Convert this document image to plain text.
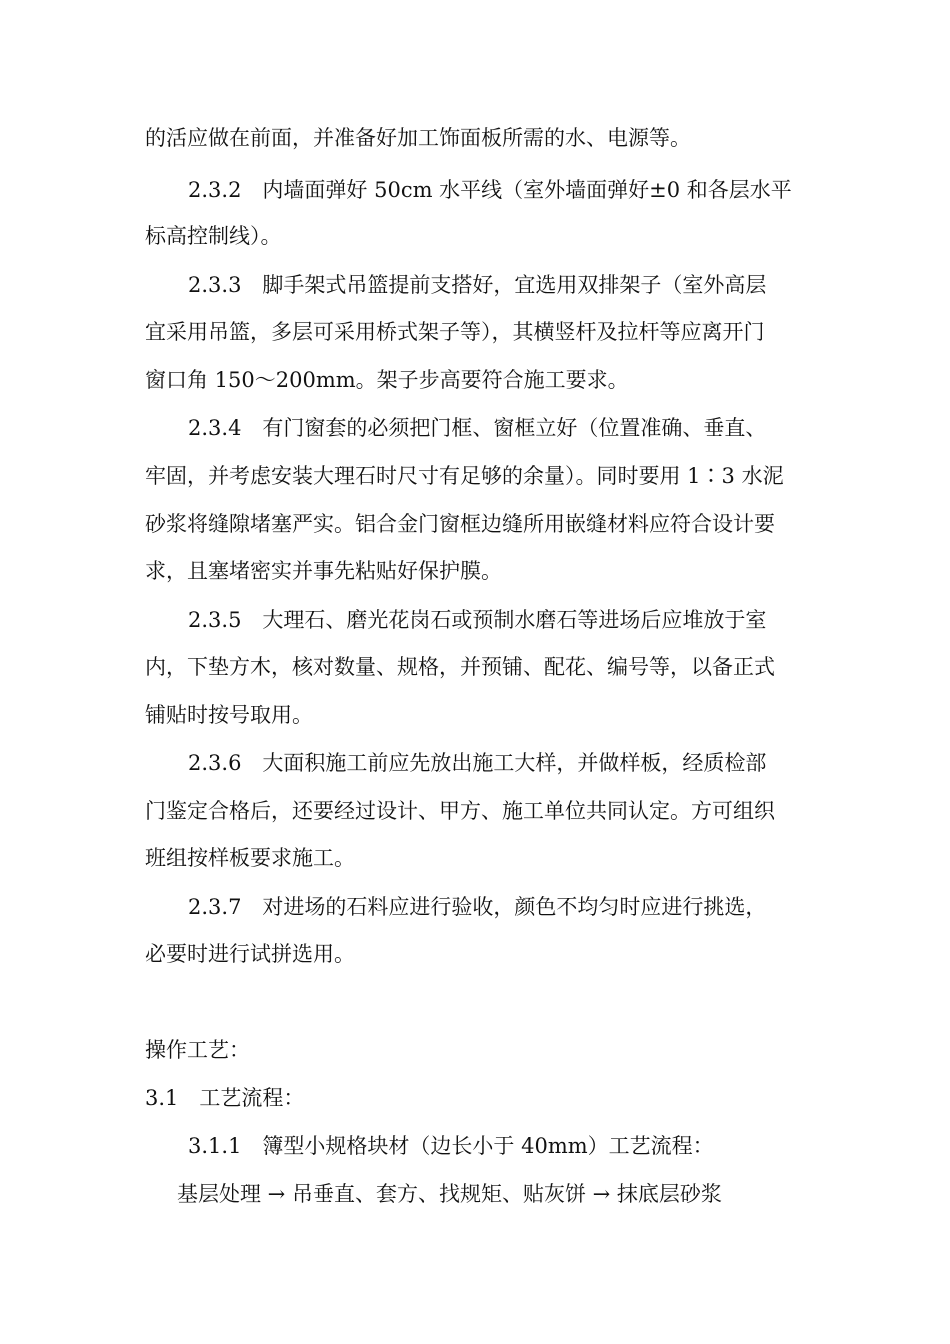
的活应做在前面，并准备好加工饰面板所需的水、电源等。

2.3.2　内墙面弹好 50cm 水平线（室外墙面弹好±0 和各层水平

标高控制线）。

2.3.3　脚手架式吊篮提前支搭好，宜选用双排架子（室外高层

宜采用吊篮，多层可采用桥式架子等），其横竖杆及拉杆等应离开门

窗口角 150～200mm。架子步高要符合施工要求。

2.3.4　有门窗套的必须把门框、窗框立好（位置准确、垂直、

牢固，并考虑安装大理石时尺寸有足够的余量）。同时要用 1∶3 水泥

砂浆将缝隙堵塞严实。铝合金门窗框边缝所用嵌缝材料应符合设计要

求，且塞堵密实并事先粘贴好保护膜。

2.3.5　大理石、磨光花岗石或预制水磨石等进场后应堆放于室

内，下垫方木，核对数量、规格，并预铺、配花、编号等，以备正式

铺贴时按号取用。

2.3.6　大面积施工前应先放出施工大样，并做样板，经质检部

门鉴定合格后，还要经过设计、甲方、施工单位共同认定。方可组织

班组按样板要求施工。

2.3.7　对进场的石料应进行验收，颜色不均匀时应进行挑选，

必要时进行试拼选用。

操作工艺：

3.1　工艺流程：

3.1.1　簿型小规格块材（边长小于 40mm）工艺流程：

基层处理 → 吊垂直、套方、找规矩、贴灰饼 → 抹底层砂浆
